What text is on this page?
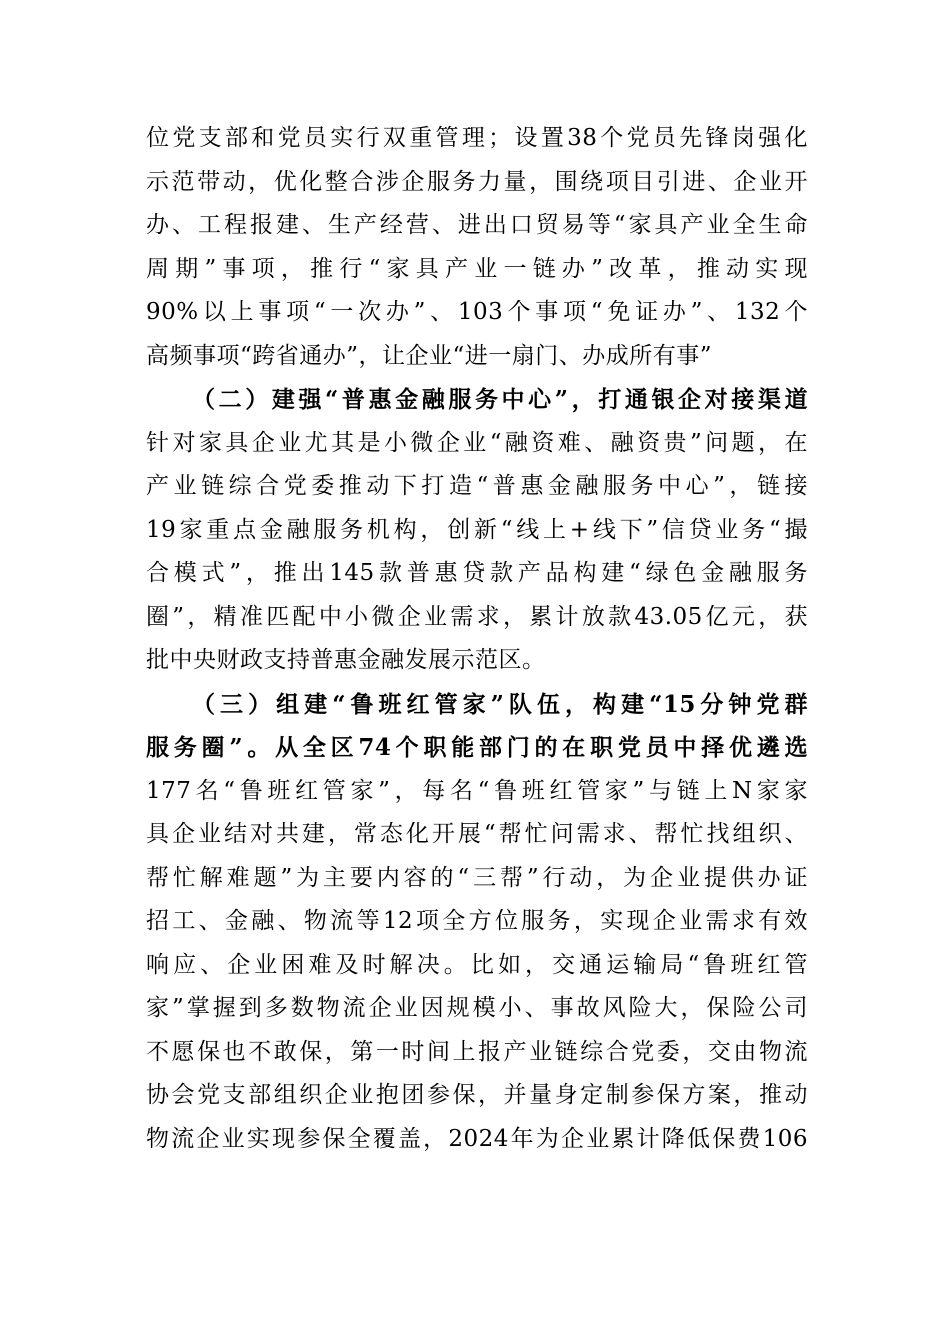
位党支部和党员实行双重管理；设置38个党员先锋岗强化
示范带动，优化整合涉企服务力量，围绕项目引进、企业开
办、工程报建、生产经营、进出口贸易等“家具产业全生命
周期”事项，推行“家具产业一链办”改革，推动实现
90%以上事项“一次办”、103个事项“免证办”、132个
高频事项“跨省通办”，让企业“进一扇门、办成所有事”
（二）建强“普惠金融服务中心”，打通银企对接渠道
针对家具企业尤其是小微企业“融资难、融资贵”问题，在
产业链综合党委推动下打造“普惠金融服务中心”，链接
19家重点金融服务机构，创新“线上+线下”信贷业务“撮
合模式”，推出145款普惠贷款产品构建“绿色金融服务
圈”，精准匹配中小微企业需求，累计放款43.05亿元，获
批中央财政支持普惠金融发展示范区。
（三）组建“鲁班红管家”队伍，构建“15分钟党群
服务圈”。从全区74个职能部门的在职党员中择优遴选
177名“鲁班红管家”，每名“鲁班红管家”与链上N家家
具企业结对共建，常态化开展“帮忙问需求、帮忙找组织、
帮忙解难题”为主要内容的“三帮”行动，为企业提供办证
招工、金融、物流等12项全方位服务，实现企业需求有效
响应、企业困难及时解决。比如，交通运输局“鲁班红管
家”掌握到多数物流企业因规模小、事故风险大，保险公司
不愿保也不敢保，第一时间上报产业链综合党委，交由物流
协会党支部组织企业抱团参保，并量身定制参保方案，推动
物流企业实现参保全覆盖，2024年为企业累计降低保费106
